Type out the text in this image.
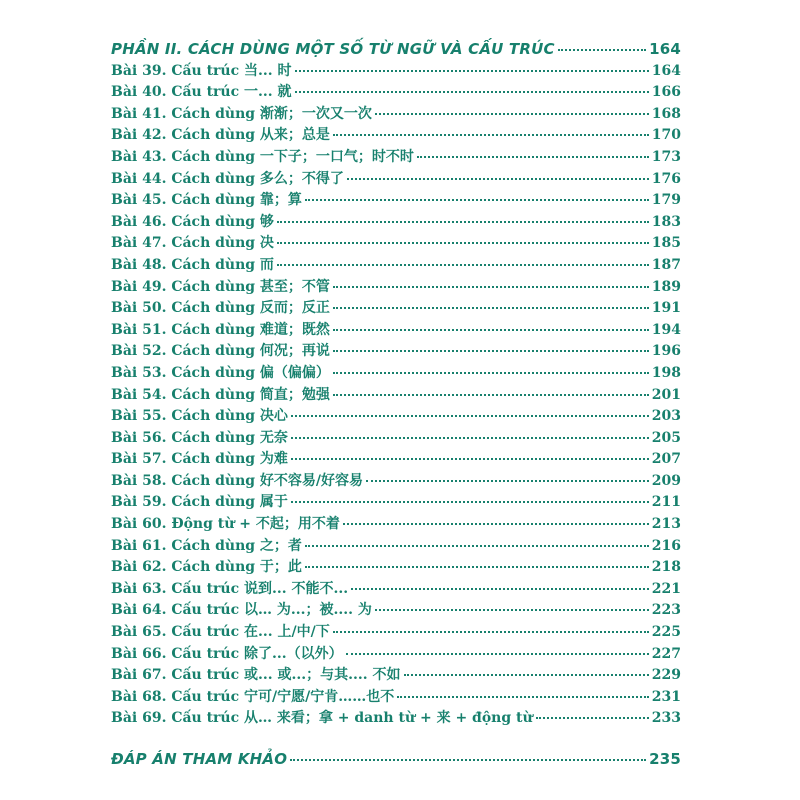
PHẦN II. CÁCH DÙNG MỘT SỐ TỪ NGỮ VÀ CẤU TRÚC	164
Bài 39. Cấu trúc 当... 时	164
Bài 40. Cấu trúc 一... 就	166
Bài 41. Cách dùng 渐渐；一次又一次	168
Bài 42. Cách dùng 从来；总是	170
Bài 43. Cách dùng 一下子；一口气；时不时	173
Bài 44. Cách dùng 多么；不得了	176
Bài 45. Cách dùng 靠；算	179
Bài 46. Cách dùng 够	183
Bài 47. Cách dùng 决	185
Bài 48. Cách dùng 而	187
Bài 49. Cách dùng 甚至；不管	189
Bài 50. Cách dùng 反而；反正	191
Bài 51. Cách dùng 难道；既然	194
Bài 52. Cách dùng 何况；再说	196
Bài 53. Cách dùng 偏（偏偏）	198
Bài 54. Cách dùng 简直；勉强	201
Bài 55. Cách dùng 决心	203
Bài 56. Cách dùng 无奈	205
Bài 57. Cách dùng 为难	207
Bài 58. Cách dùng 好不容易/好容易	209
Bài 59. Cách dùng 属于	211
Bài 60. Động từ + 不起；用不着	213
Bài 61. Cách dùng 之；者	216
Bài 62. Cách dùng 于；此	218
Bài 63. Cấu trúc 说到... 不能不...	221
Bài 64. Cấu trúc 以… 为...；被.... 为	223
Bài 65. Cấu trúc 在... 上/中/下	225
Bài 66. Cấu trúc 除了...（以外）	227
Bài 67. Cấu trúc 或... 或...；与其.... 不如	229
Bài 68. Cấu trúc 宁可/宁愿/宁肯……也不	231
Bài 69. Cấu trúc 从… 来看；拿 + danh từ + 来 + động từ	233
ĐÁP ÁN THAM KHẢO	235
